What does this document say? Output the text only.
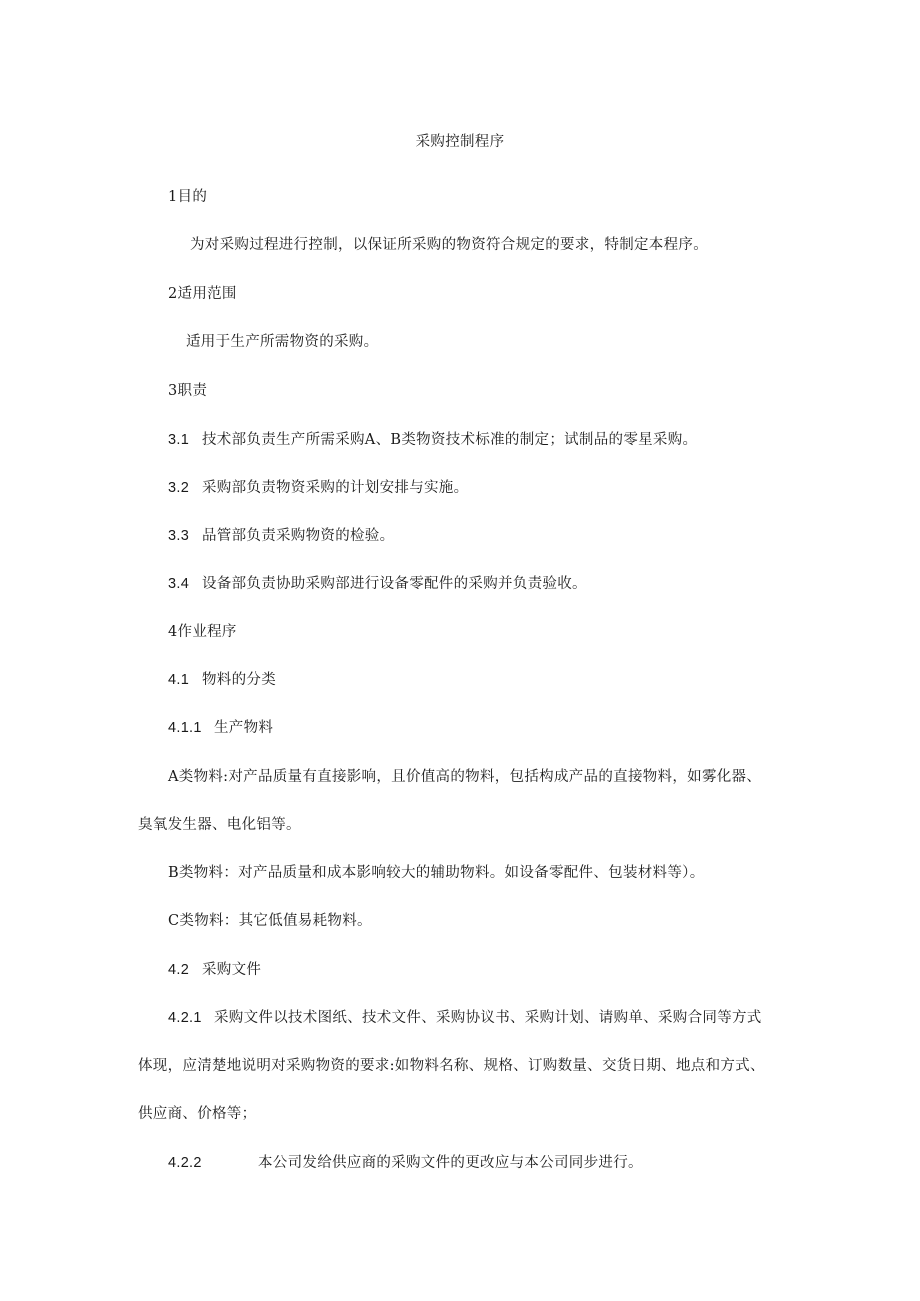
采购控制程序
1目的
为对采购过程进行控制，以保证所采购的物资符合规定的要求，特制定本程序。
2适用范围
适用于生产所需物资的采购。
3职责
3.1 技术部负责生产所需采购A、B类物资技术标准的制定；试制品的零星采购。
3.2 采购部负责物资采购的计划安排与实施。
3.3 品管部负责采购物资的检验。
3.4 设备部负责协助采购部进行设备零配件的采购并负责验收。
4作业程序
4.1 物料的分类
4.1.1 生产物料
A类物料:对产品质量有直接影响，且价值高的物料，包括构成产品的直接物料，如雾化器、
臭氧发生器、电化铝等。
B类物料：对产品质量和成本影响较大的辅助物料。如设备零配件、包装材料等）。
C类物料：其它低值易耗物料。
4.2 采购文件
4.2.1 采购文件以技术图纸、技术文件、采购协议书、采购计划、请购单、采购合同等方式
体现，应清楚地说明对采购物资的要求:如物料名称、规格、订购数量、交货日期、地点和方式、
供应商、价格等；
4.2.2	本公司发给供应商的采购文件的更改应与本公司同步进行。
